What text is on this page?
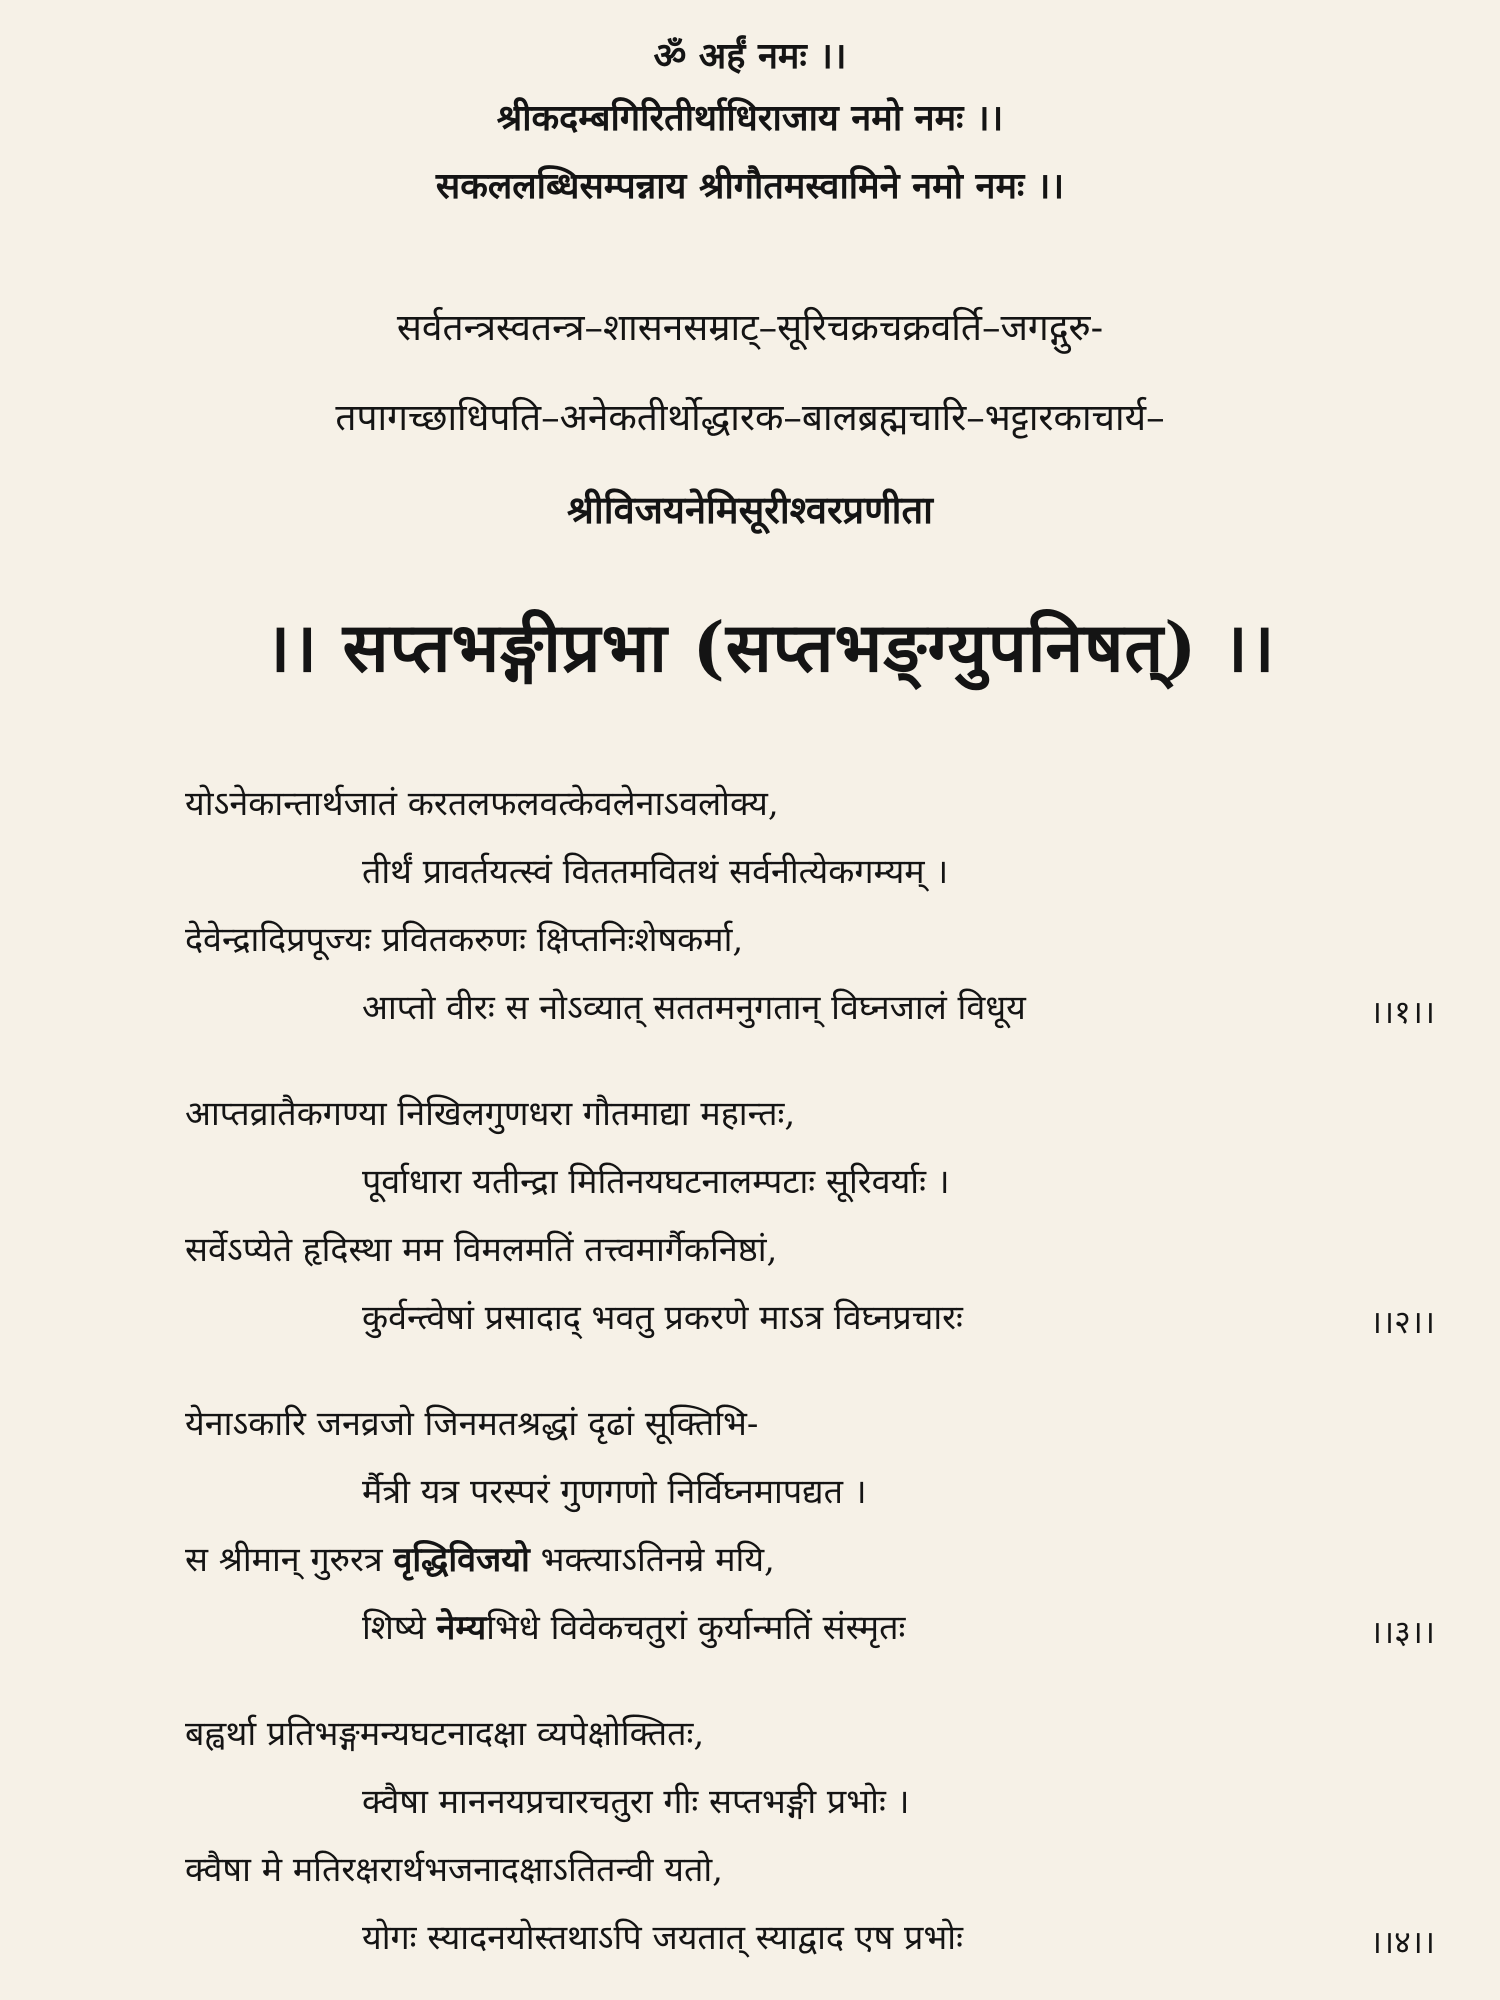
ॐ अर्हं नमः ।।
श्रीकदम्बगिरितीर्थाधिराजाय नमो नमः ।।
सकललब्धिसम्पन्नाय श्रीगौतमस्वामिने नमो नमः ।।
सर्वतन्त्रस्वतन्त्र–शासनसम्राट्–सूरिचक्रचक्रवर्ति–जगद्गुरु-
तपागच्छाधिपति–अनेकतीर्थोद्धारक–बालब्रह्मचारि–भट्टारकाचार्य–
श्रीविजयनेमिसूरीश्वरप्रणीता
।। सप्तभङ्गीप्रभा (सप्तभङ्ग्युपनिषत्) ।।
योऽनेकान्तार्थजातं करतलफलवत्केवलेनाऽवलोक्य,
तीर्थं प्रावर्तयत्स्वं विततमवितथं सर्वनीत्येकगम्यम् ।
देवेन्द्रादिप्रपूज्यः प्रवितकरुणः क्षिप्तनिःशेषकर्मा,
आप्तो वीरः स नोऽव्यात् सततमनुगतान् विघ्नजालं विधूय	।।१।।
आप्तव्रातैकगण्या निखिलगुणधरा गौतमाद्या महान्तः,
पूर्वाधारा यतीन्द्रा मितिनयघटनालम्पटाः सूरिवर्याः ।
सर्वेऽप्येते हृदिस्था मम विमलमतिं तत्त्वमार्गैकनिष्ठां,
कुर्वन्त्वेषां प्रसादाद् भवतु प्रकरणे माऽत्र विघ्नप्रचारः	।।२।।
येनाऽकारि जनव्रजो जिनमतश्रद्धां दृढां सूक्तिभि-
र्मैत्री यत्र परस्परं गुणगणो निर्विघ्नमापद्यत ।
स श्रीमान् गुरुरत्र वृद्धिविजयो भक्त्याऽतिनम्रे मयि,
शिष्ये नेम्यभिधे विवेकचतुरां कुर्यान्मतिं संस्मृतः	।।३।।
बह्वर्था प्रतिभङ्गमन्यघटनादक्षा व्यपेक्षोक्तितः,
क्वैषा माननयप्रचारचतुरा गीः सप्तभङ्गी प्रभोः ।
क्वैषा मे मतिरक्षरार्थभजनादक्षाऽतितन्वी यतो,
योगः स्यादनयोस्तथाऽपि जयतात् स्याद्वाद एष प्रभोः	।।४।।
